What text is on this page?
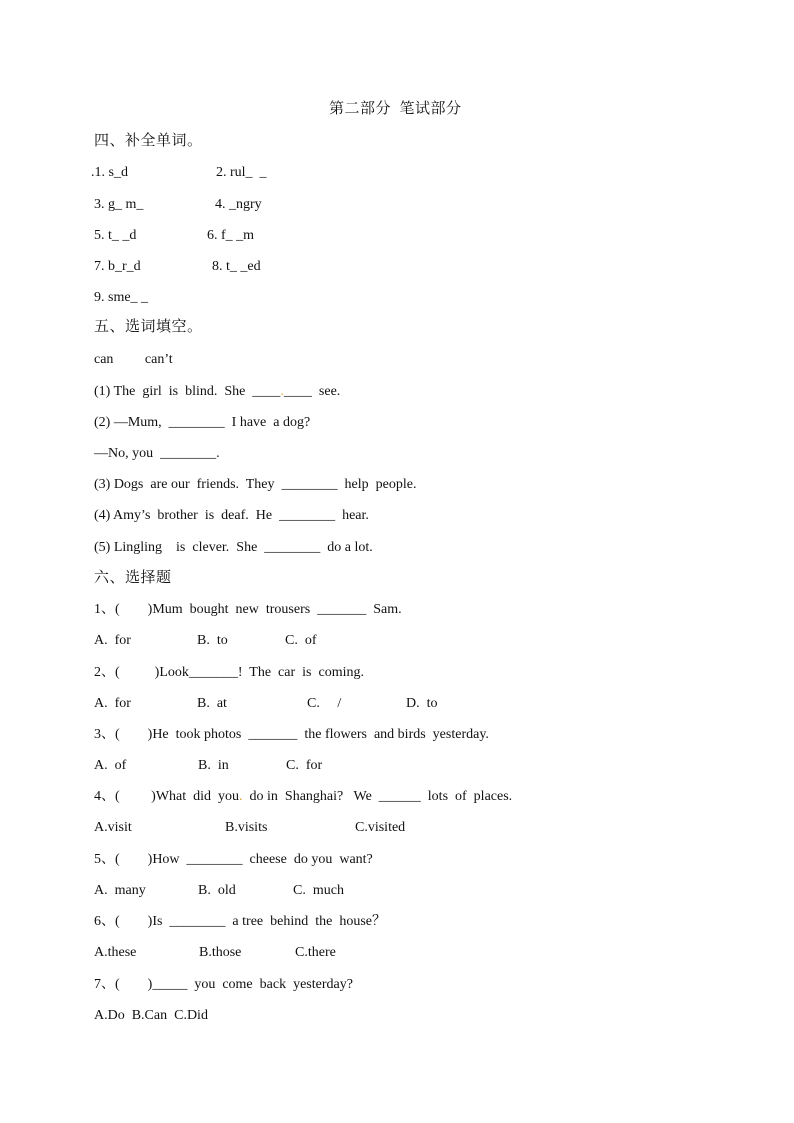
第二部分  笔试部分
四、补全单词。
.1. s_d	2. rul_  _
3. g_ m_	4. _ngry
5. t_ _d	6. f_ _m
7. b_r_d	8. t_ _ed
9. sme_ _
五、选词填空。
can         can’t
(1) The  girl  is  blind.  She  ____.____  see.
(2) —Mum,  ________  I have  a dog?
—No, you  ________.
(3) Dogs  are our  friends.  They  ________  help  people.
(4) Amy’s  brother  is  deaf.  He  ________  hear.
(5) Lingling    is  clever.  She  ________  do a lot.
六、选择题
1、(        )Mum  bought  new  trousers  _______  Sam.
A.  for	B.  to	C.  of
2、(          )Look_______!  The  car  is  coming.
A.  for	B.  at	C.     /	D.  to
3、(        )He  took photos  _______  the flowers  and birds  yesterday.
A.  of	B.  in	C.  for
4、(         )What  did  you.  do in  Shanghai?   We  ______  lots  of  places.
A.visit	B.visits	C.visited
5、(        )How  ________  cheese  do you  want?
A.  many	B.  old	C.  much
6、(        )Is  ________  a tree  behind  the  house？
A.these	B.those	C.there
7、(        )_____  you  come  back  yesterday?
A.Do  B.Can  C.Did
